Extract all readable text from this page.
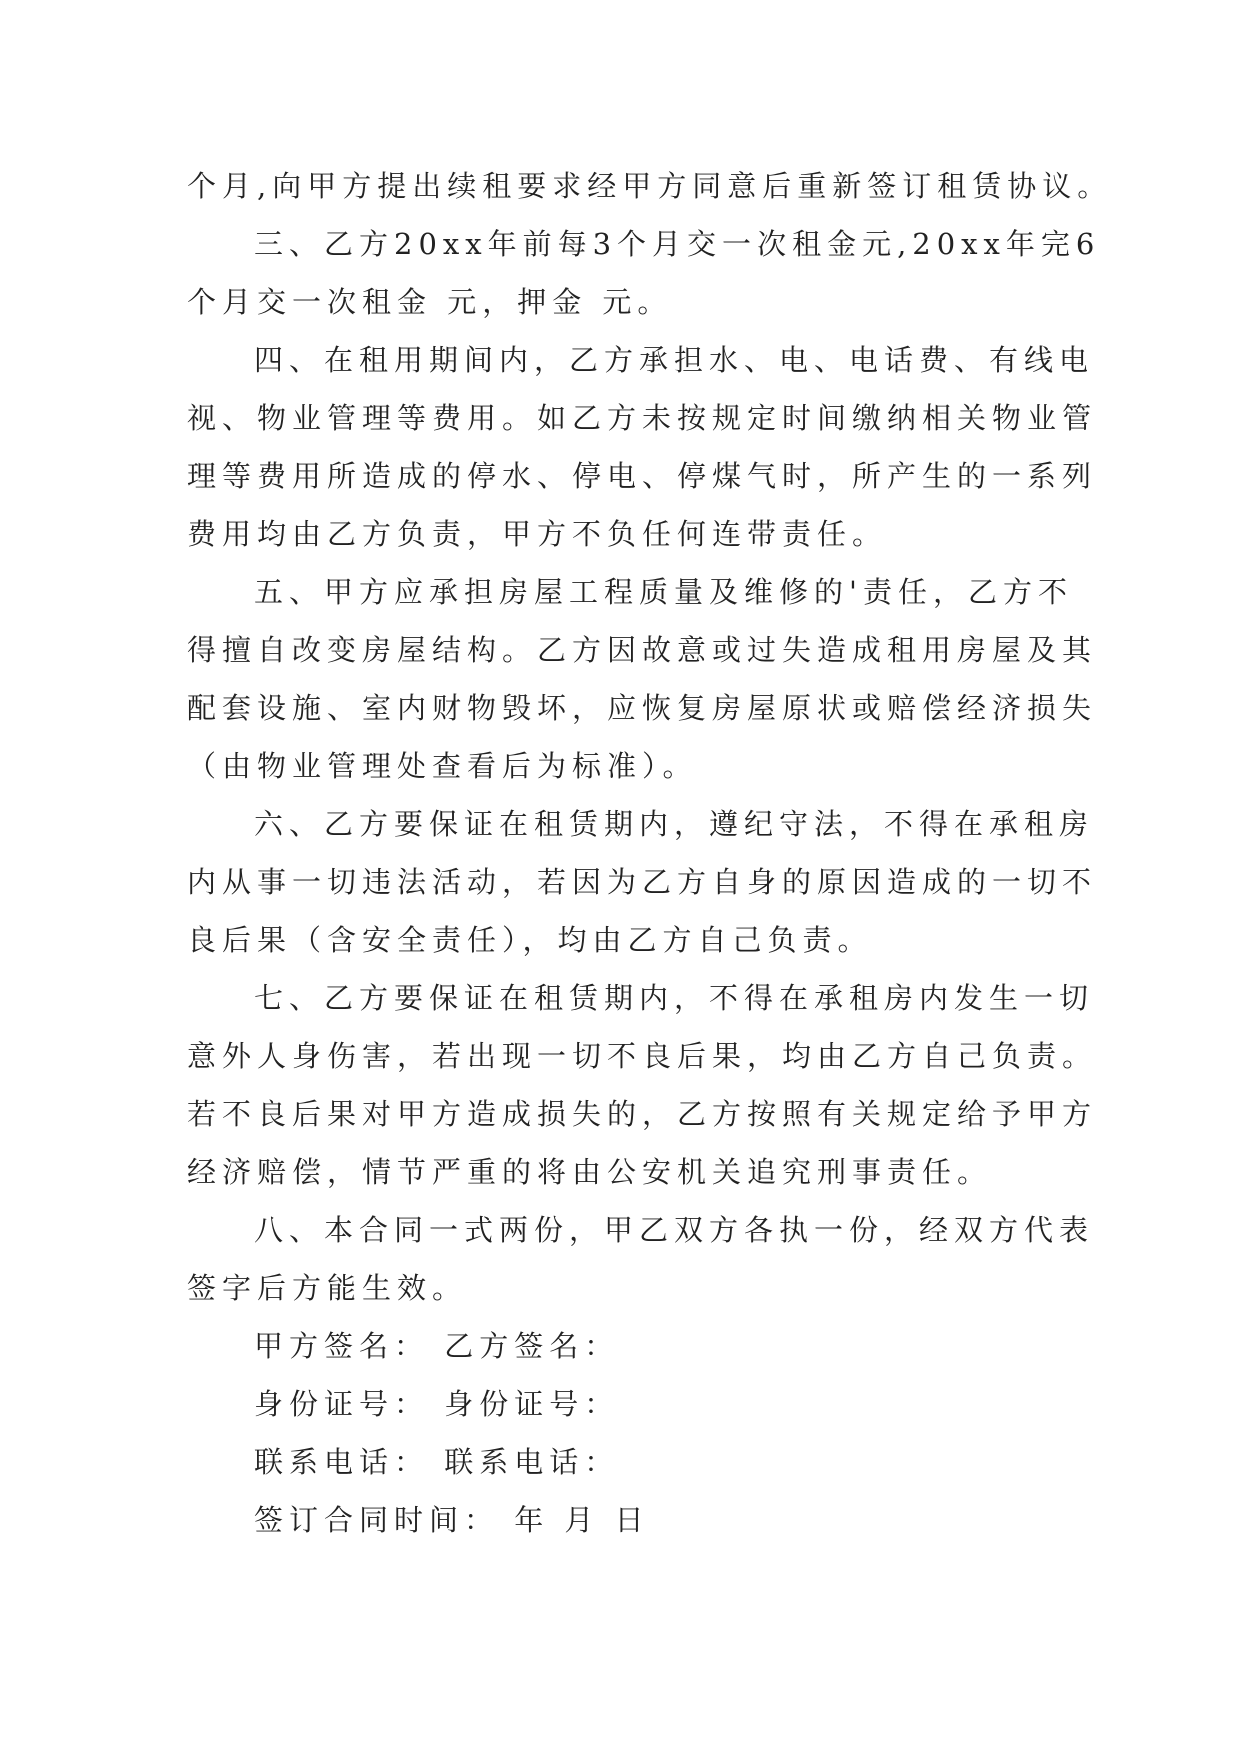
个月,向甲方提出续租要求经甲方同意后重新签订租赁协议。
三、乙方20xx年前每3个月交一次租金元,20xx年完6
个月交一次租金 元，押金 元。
四、在租用期间内，乙方承担水、电、电话费、有线电
视、物业管理等费用。如乙方未按规定时间缴纳相关物业管
理等费用所造成的停水、停电、停煤气时，所产生的一系列
费用均由乙方负责，甲方不负任何连带责任。
五、甲方应承担房屋工程质量及维修的'责任，乙方不
得擅自改变房屋结构。乙方因故意或过失造成租用房屋及其
配套设施、室内财物毁坏，应恢复房屋原状或赔偿经济损失
（由物业管理处查看后为标准）。
六、乙方要保证在租赁期内，遵纪守法，不得在承租房
内从事一切违法活动，若因为乙方自身的原因造成的一切不
良后果（含安全责任），均由乙方自己负责。
七、乙方要保证在租赁期内，不得在承租房内发生一切
意外人身伤害，若出现一切不良后果，均由乙方自己负责。
若不良后果对甲方造成损失的，乙方按照有关规定给予甲方
经济赔偿，情节严重的将由公安机关追究刑事责任。
八、本合同一式两份，甲乙双方各执一份，经双方代表
签字后方能生效。
甲方签名： 乙方签名：
身份证号： 身份证号：
联系电话： 联系电话：
签订合同时间： 年 月 日
